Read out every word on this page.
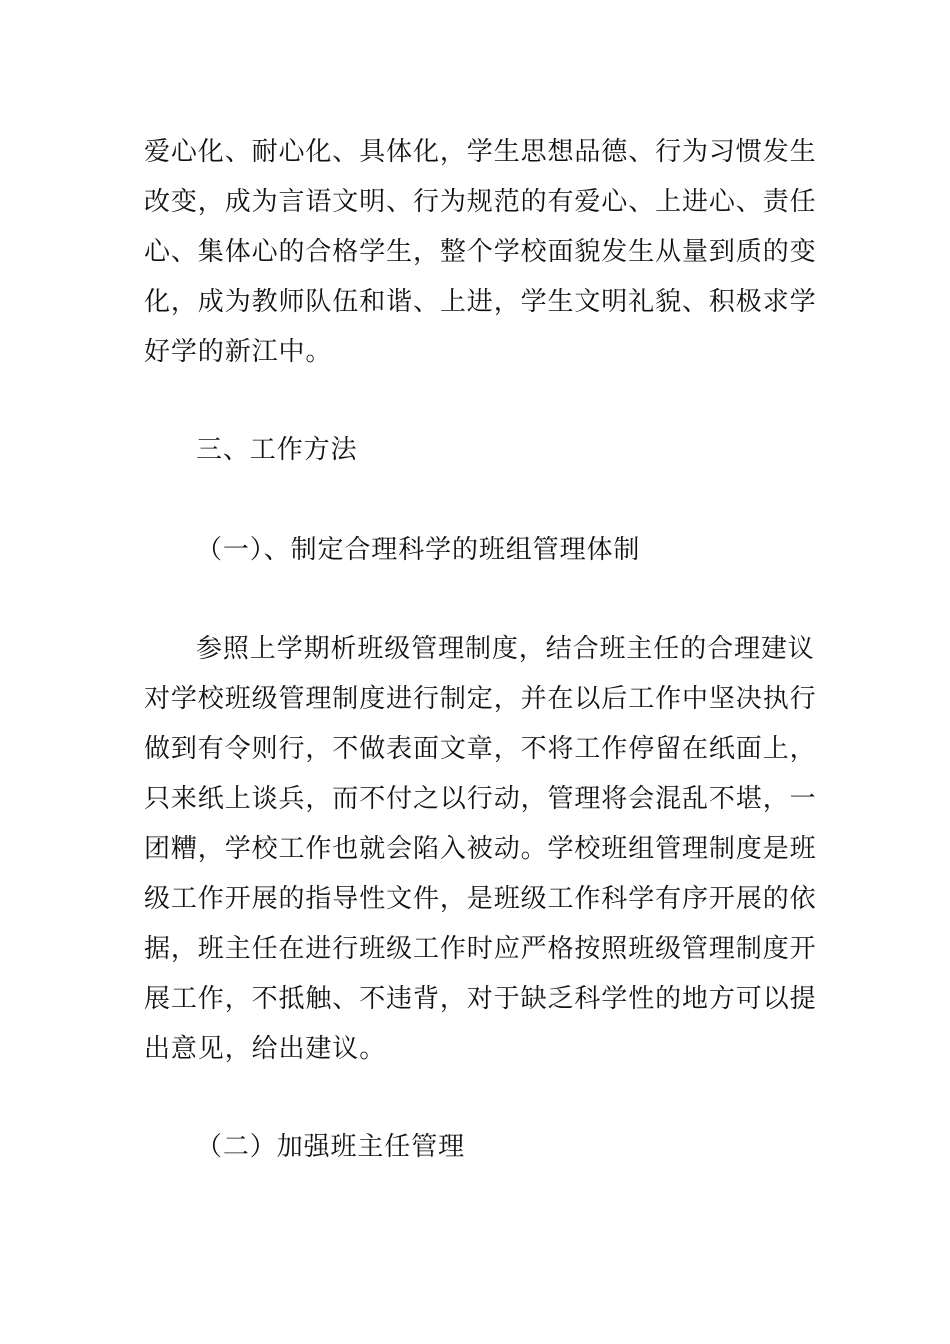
爱心化、耐心化、具体化，学生思想品德、行为习惯发生
改变，成为言语文明、行为规范的有爱心、上进心、责任
心、集体心的合格学生，整个学校面貌发生从量到质的变
化，成为教师队伍和谐、上进，学生文明礼貌、积极求学
好学的新江中。
三、工作方法
（一）、制定合理科学的班组管理体制
参照上学期析班级管理制度，结合班主任的合理建议
对学校班级管理制度进行制定，并在以后工作中坚决执行
做到有令则行，不做表面文章，不将工作停留在纸面上，
只来纸上谈兵，而不付之以行动，管理将会混乱不堪，一
团糟，学校工作也就会陷入被动。学校班组管理制度是班
级工作开展的指导性文件，是班级工作科学有序开展的依
据，班主任在进行班级工作时应严格按照班级管理制度开
展工作，不抵触、不违背，对于缺乏科学性的地方可以提
出意见，给出建议。
（二）加强班主任管理
